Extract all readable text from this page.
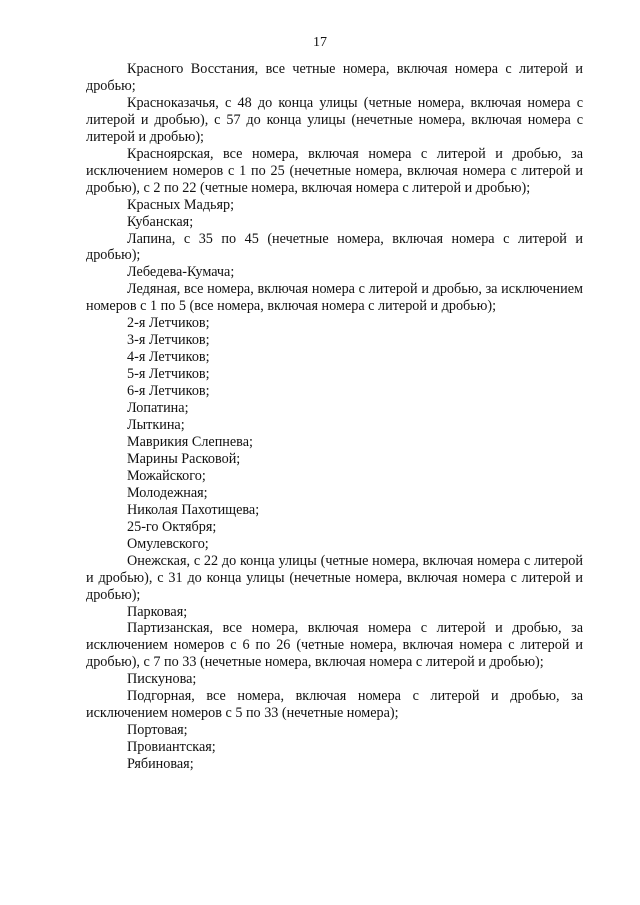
17

Красного Восстания, все четные номера, включая номера с литерой и дробью;

Красноказачья, с 48 до конца улицы (четные номера, включая номера с литерой и дробью), с 57 до конца улицы (нечетные номера, включая номера с литерой и дробью);

Красноярская, все номера, включая номера с литерой и дробью, за исключением номеров с 1 по 25 (нечетные номера, включая номера с литерой и дробью), с 2 по 22 (четные номера, включая номера с литерой и дробью);

Красных Мадьяр;

Кубанская;

Лапина, с 35 по 45 (нечетные номера, включая номера с литерой и дробью);

Лебедева-Кумача;

Ледяная, все номера, включая номера с литерой и дробью, за исключением номеров с 1 по 5 (все номера, включая номера с литерой и дробью);

2-я Летчиков;

3-я Летчиков;

4-я Летчиков;

5-я Летчиков;

6-я Летчиков;

Лопатина;

Лыткина;

Маврикия Слепнева;

Марины Расковой;

Можайского;

Молодежная;

Николая Пахотищева;

25-го Октября;

Омулевского;

Онежская, с 22 до конца улицы (четные номера, включая номера с литерой и дробью), с 31 до конца улицы (нечетные номера, включая номера с литерой и дробью);

Парковая;

Партизанская, все номера, включая номера с литерой и дробью, за исключением номеров с 6 по 26 (четные номера, включая номера с литерой и дробью), с 7 по 33 (нечетные номера, включая номера с литерой и дробью);

Пискунова;

Подгорная, все номера, включая номера с литерой и дробью, за исключением номеров с 5 по 33 (нечетные номера);

Портовая;

Провиантская;

Рябиновая;
